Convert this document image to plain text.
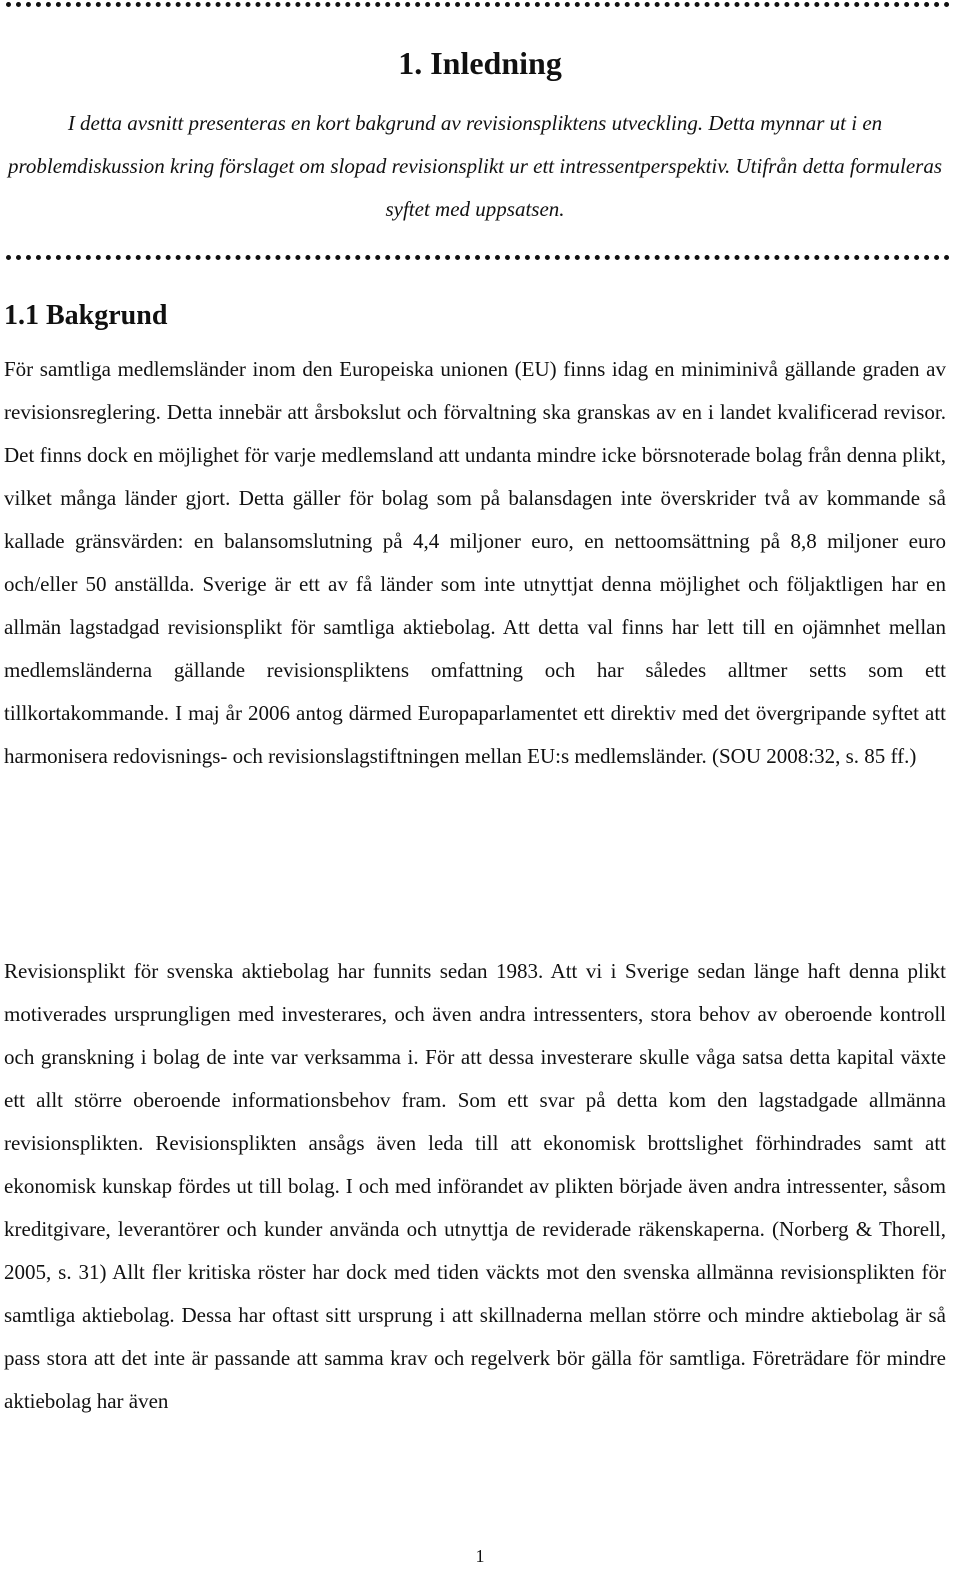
1. Inledning
I detta avsnitt presenteras en kort bakgrund av revisionspliktens utveckling. Detta mynnar ut i en problemdiskussion kring förslaget om slopad revisionsplikt ur ett intressentperspektiv. Utifrån detta formuleras syftet med uppsatsen.
1.1 Bakgrund

För samtliga medlemsländer inom den Europeiska unionen (EU) finns idag en miniminivå gällande graden av revisionsreglering. Detta innebär att årsbokslut och förvaltning ska granskas av en i landet kvalificerad revisor. Det finns dock en möjlighet för varje medlemsland att undanta mindre icke börsnoterade bolag från denna plikt, vilket många länder gjort. Detta gäller för bolag som på balansdagen inte överskrider två av kommande så kallade gränsvärden: en balansomslutning på 4,4 miljoner euro, en nettoomsättning på 8,8 miljoner euro och/eller 50 anställda. Sverige är ett av få länder som inte utnyttjat denna möjlighet och följaktligen har en allmän lagstadgad revisionsplikt för samtliga aktiebolag. Att detta val finns har lett till en ojämnhet mellan medlemsländerna gällande revisionspliktens omfattning och har således alltmer setts som ett tillkortakommande. I maj år 2006 antog därmed Europaparlamentet ett direktiv med det övergripande syftet att harmonisera redovisnings- och revisionslagstiftningen mellan EU:s medlemsländer. (SOU 2008:32, s. 85 ff.)

Revisionsplikt för svenska aktiebolag har funnits sedan 1983. Att vi i Sverige sedan länge haft denna plikt motiverades ursprungligen med investerares, och även andra intressenters, stora behov av oberoende kontroll och granskning i bolag de inte var verksamma i. För att dessa investerare skulle våga satsa detta kapital växte ett allt större oberoende informationsbehov fram. Som ett svar på detta kom den lagstadgade allmänna revisionsplikten. Revisionsplikten ansågs även leda till att ekonomisk brottslighet förhindrades samt att ekonomisk kunskap fördes ut till bolag. I och med införandet av plikten började även andra intressenter, såsom kreditgivare, leverantörer och kunder använda och utnyttja de reviderade räkenskaperna. (Norberg & Thorell, 2005, s. 31) Allt fler kritiska röster har dock med tiden väckts mot den svenska allmänna revisionsplikten för samtliga aktiebolag. Dessa har oftast sitt ursprung i att skillnaderna mellan större och mindre aktiebolag är så pass stora att det inte är passande att samma krav och regelverk bör gälla för samtliga. Företrädare för mindre aktiebolag har även

1
